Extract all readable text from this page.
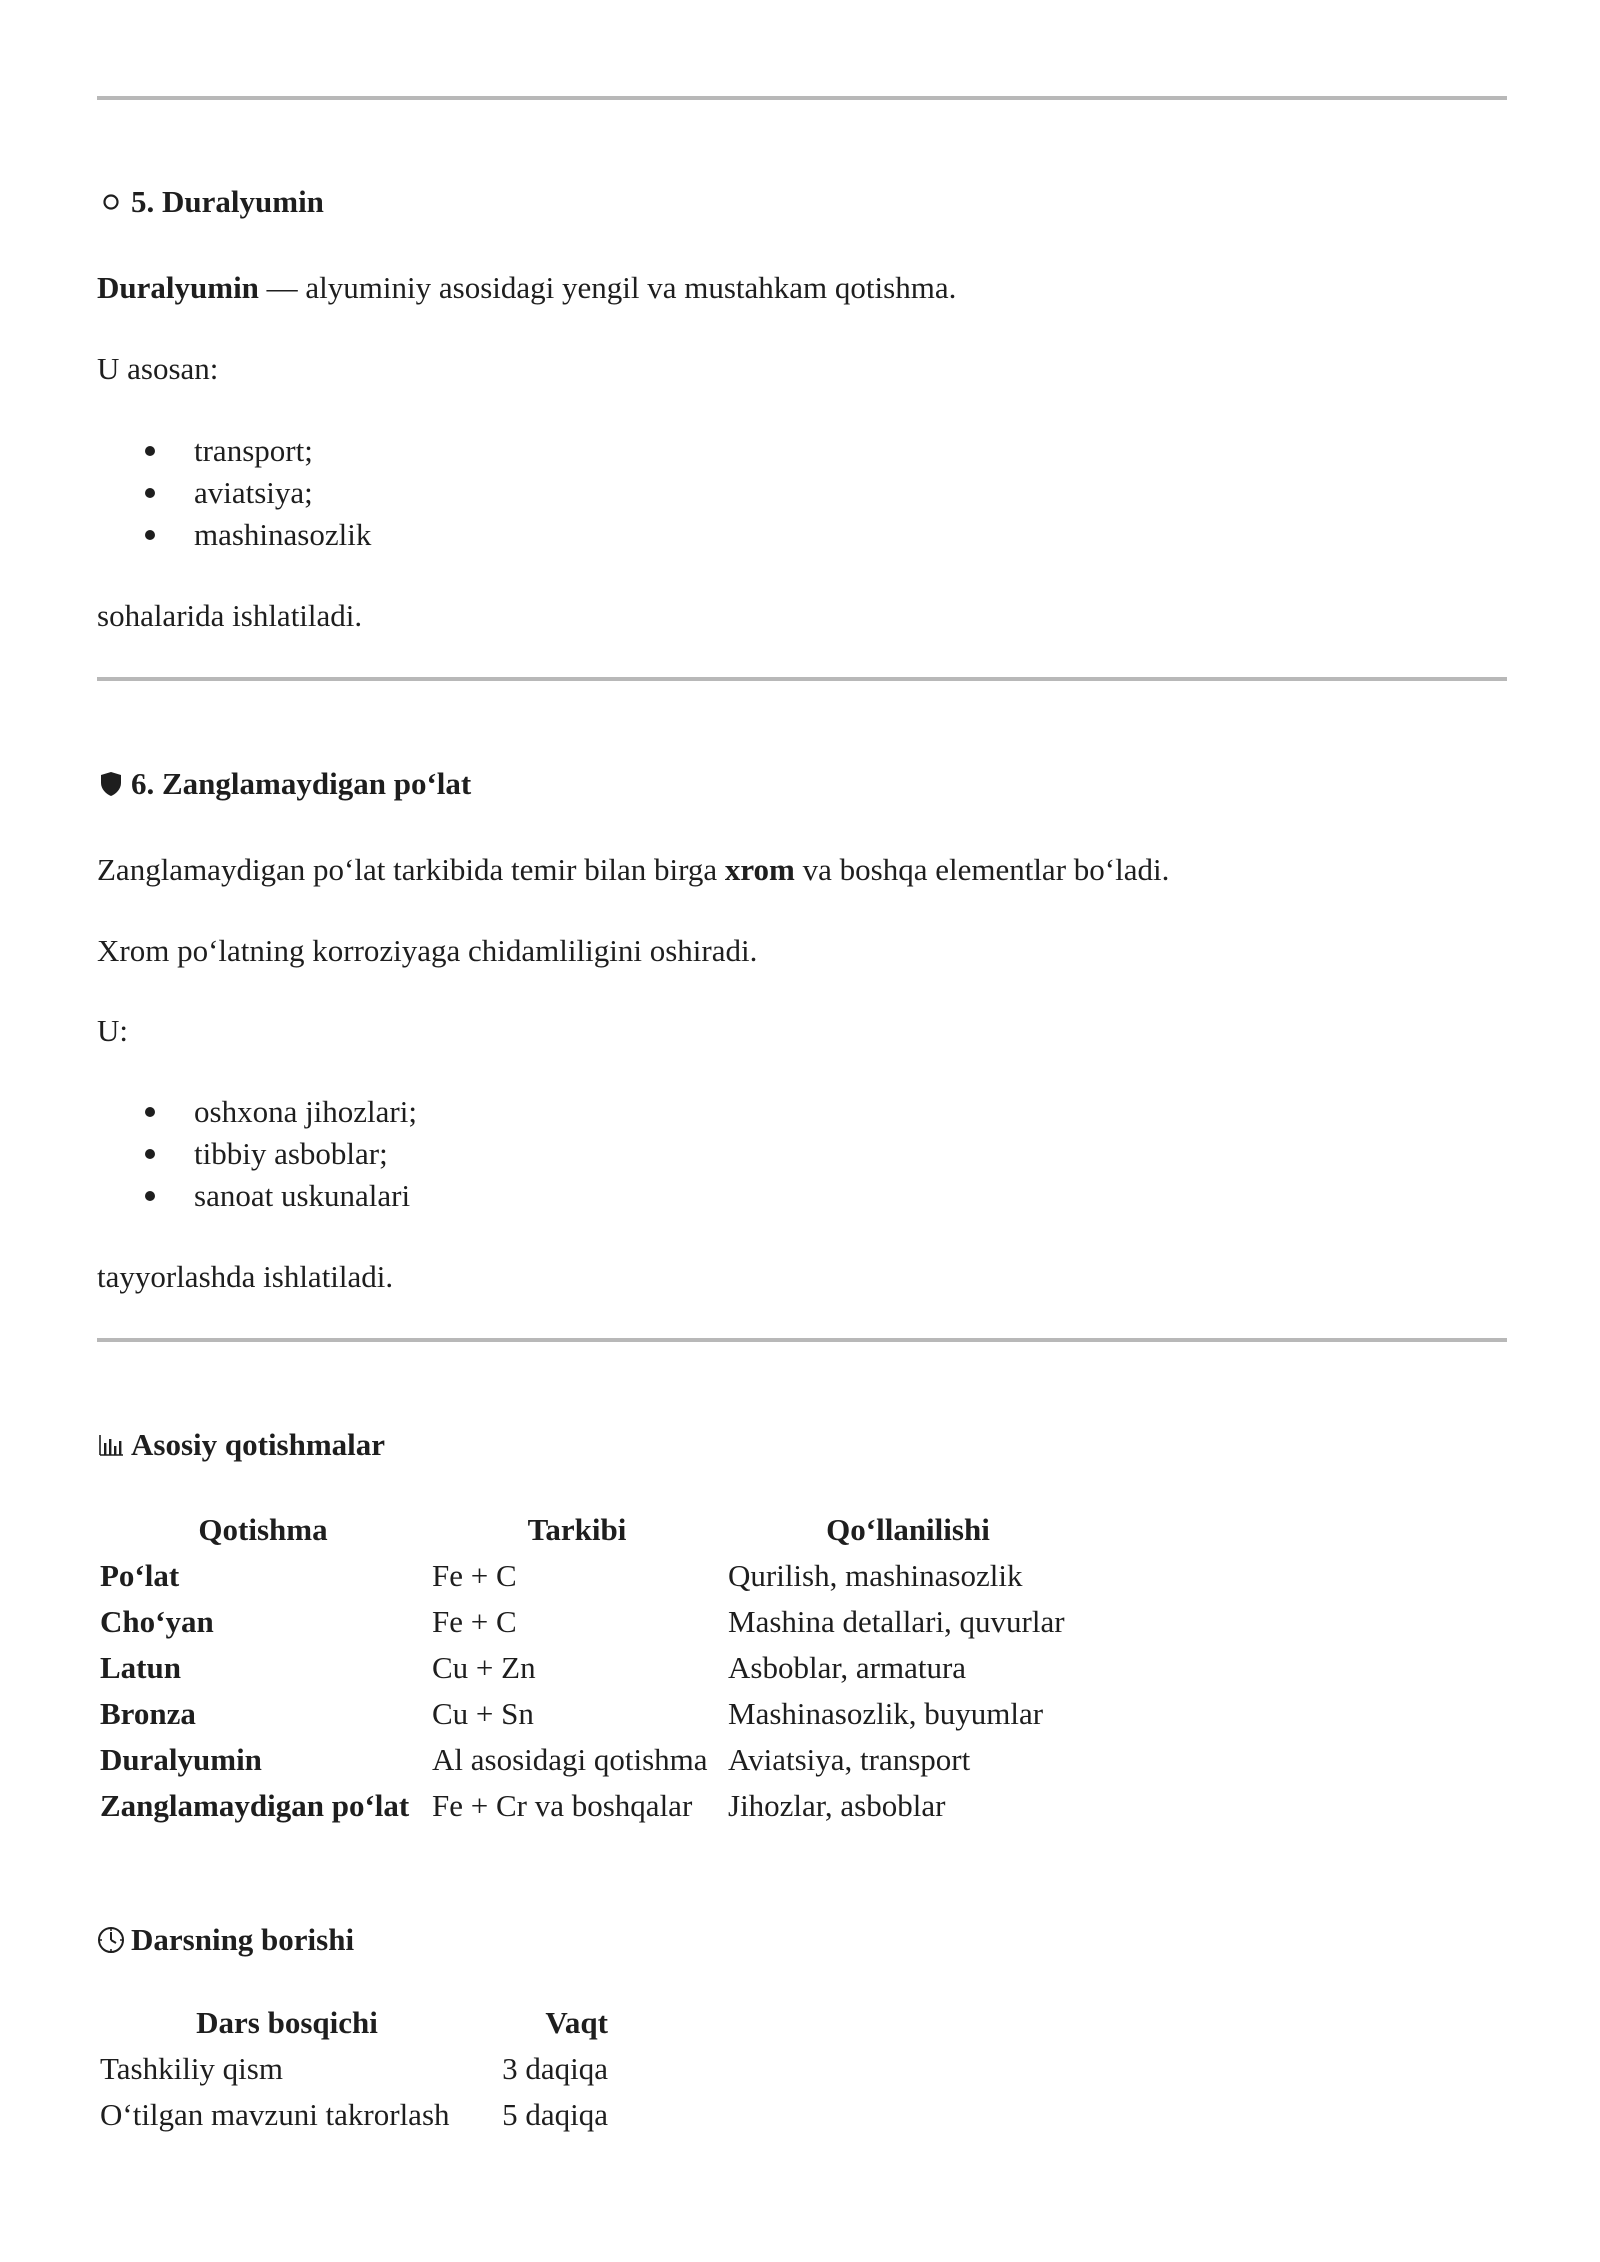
5. Duralyumin
Duralyumin — alyuminiy asosidagi yengil va mustahkam qotishma.
U asosan:
transport;
aviatsiya;
mashinasozlik
sohalarida ishlatiladi.
6. Zanglamaydigan po‘lat
Zanglamaydigan po‘lat tarkibida temir bilan birga xrom va boshqa elementlar bo‘ladi.
Xrom po‘latning korroziyaga chidamliligini oshiradi.
U:
oshxona jihozlari;
tibbiy asboblar;
sanoat uskunalari
tayyorlashda ishlatiladi.
Asosiy qotishmalar
Qotishma	Tarkibi	Qo‘llanilishi
Po‘lat	Fe + C	Qurilish, mashinasozlik
Cho‘yan	Fe + C	Mashina detallari, quvurlar
Latun	Cu + Zn	Asboblar, armatura
Bronza	Cu + Sn	Mashinasozlik, buyumlar
Duralyumin	Al asosidagi qotishma	Aviatsiya, transport
Zanglamaydigan po‘lat	Fe + Cr va boshqalar	Jihozlar, asboblar
Darsning borishi
Dars bosqichi	Vaqt
Tashkiliy qism	3 daqiqa
O‘tilgan mavzuni takrorlash	5 daqiqa
